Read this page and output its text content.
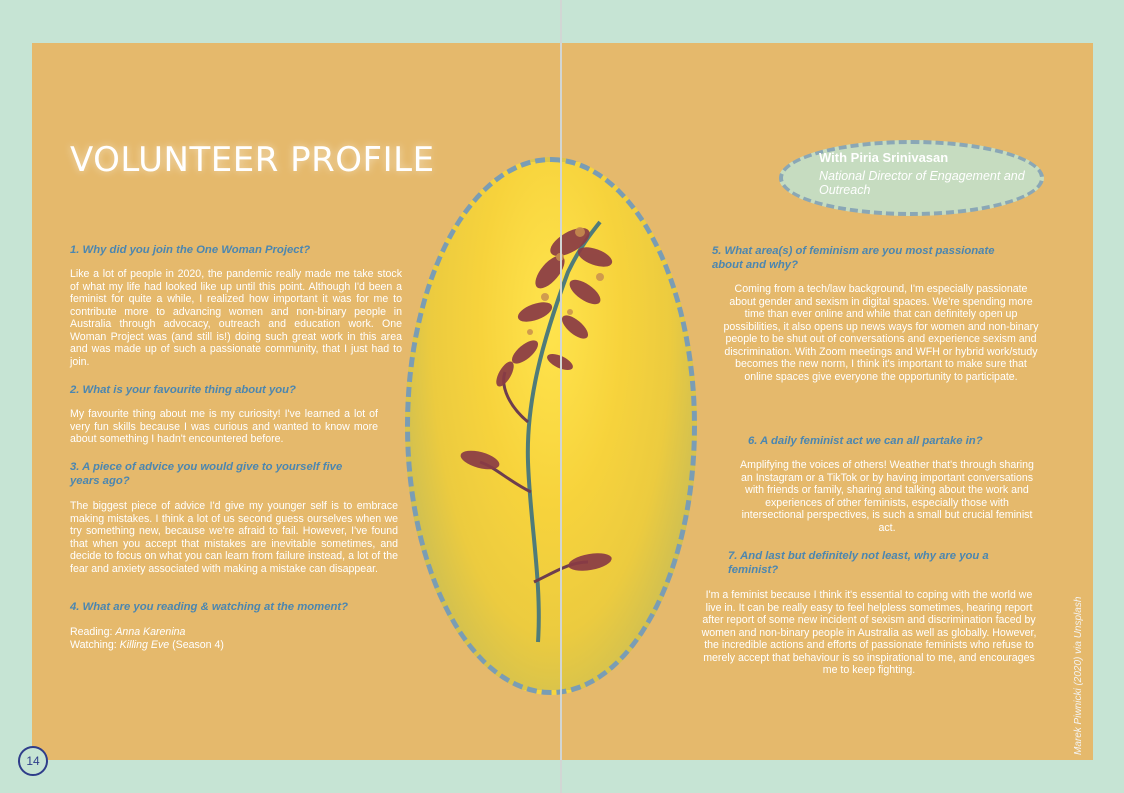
VOLUNTEER PROFILE	With Piria Srinivasan
National Director of Engagement and Outreach

1. Why did you join the One Woman Project?

Like a lot of people in 2020, the pandemic really made me take stock of what my life had looked like up until this point. Although I'd been a feminist for quite a while, I realized how important it was for me to contribute more to advancing women and non-binary people in Australia through advocacy, outreach and education work. One Woman Project was (and still is!) doing such great work in this area and was made up of such a passionate community, that I just had to join.

2. What is your favourite thing about you?

My favourite thing about me is my curiosity! I've learned a lot of very fun skills because I was curious and wanted to know more about something I hadn't encountered before.

3. A piece of advice you would give to yourself five years ago?

The biggest piece of advice I'd give my younger self is to embrace making mistakes. I think a lot of us second guess ourselves when we try something new, because we're afraid to fail. However, I've found that when you accept that mistakes are inevitable sometimes, and decide to focus on what you can learn from failure instead, a lot of the fear and anxiety associated with making a mistake can disappear.

4. What are you reading & watching at the moment?

Reading: Anna Karenina
Watching: Killing Eve (Season 4)

5. What area(s) of feminism are you most passionate about and why?

Coming from a tech/law background, I'm especially passionate about gender and sexism in digital spaces. We're spending more time than ever online and while that can definitely open up possibilities, it also opens up news ways for women and non-binary people to be shut out of conversations and experience sexism and discrimination. With Zoom meetings and WFH or hybrid work/study becomes the new norm, I think it's important to make sure that online spaces give everyone the opportunity to participate.

6. A daily feminist act we can all partake in?

Amplifying the voices of others! Weather that's through sharing an Instagram or a TikTok or by having important conversations with friends or family, sharing and talking about the work and experiences of other feminists, especially those with intersectional perspectives, is such a small but crucial feminist act.

7. And last but definitely not least, why are you a feminist?

I'm a feminist because I think it's essential to coping with the world we live in. It can be really easy to feel helpless sometimes, hearing report after report of some new incident of sexism and discrimination faced by women and non-binary people in Australia as well as globally. However, the incredible actions and efforts of passionate feminists who refuse to merely accept that behaviour is so inspirational to me, and encourages me to keep fighting.	Marek Piwnicki (2020) via Unsplash
14
